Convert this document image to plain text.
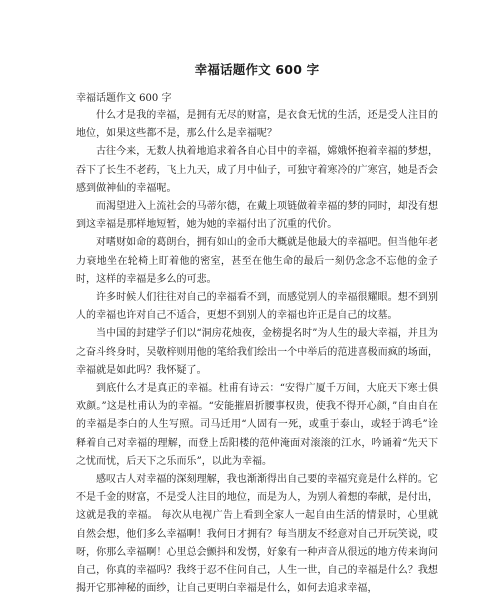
幸福话题作文 600 字

幸福话题作文 600 字

什么才是我的幸福，是拥有无尽的财富，是衣食无忧的生活，还是受人注目的地位，如果这些都不是，那么什么是幸福呢？

古往今来，无数人执着地追求着各自心目中的幸福，嫦娥怀抱着幸福的梦想，吞下了长生不老药，飞上九天，成了月中仙子，可独守着寒冷的广寒宫，她是否会感到做神仙的幸福呢。

而渴望进入上流社会的马蒂尔德，在戴上项链做着幸福的梦的同时，却没有想到这幸福是那样地短暂，她为她的幸福付出了沉重的代价。

对嗜财如命的葛朗台，拥有如山的金币大概就是他最大的幸福吧。但当他年老力衰地坐在轮椅上盯着他的密室，甚至在他生命的最后一刻仍念念不忘他的金子时，这样的幸福是多么的可悲。

许多时候人们往往对自己的幸福看不到，而感觉别人的幸福很耀眼。想不到别人的幸福也许对自己不适合，更想不到别人的幸福也许正是自己的坟墓。

当中国的封建学子们以“洞房花烛夜，金榜提名时”为人生的最大幸福，并且为之奋斗终身时，吴敬梓则用他的笔给我们绘出一个中举后的范进喜极而疯的场面，幸福就是如此吗？我怀疑了。

到底什么才是真正的幸福。杜甫有诗云：“安得广厦千万间，大庇天下寒士俱欢颜。”这是杜甫认为的幸福。“安能摧眉折腰事权贵，使我不得开心颜，”自由自在的幸福是李白的人生写照。司马迁用“人固有一死，或重于泰山，或轻于鸿毛”诠释着自己对幸福的理解，而登上岳阳楼的范仲淹面对滚滚的江水，吟诵着“先天下之忧而忧，后天下之乐而乐”，以此为幸福。

感叹古人对幸福的深刻理解，我也渐渐得出自己要的幸福究竟是什么样的。它不是千金的财富，不是受人注目的地位，而是为人，为别人着想的奉献，是付出，这就是我的幸福。 每次从电视广告上看到全家人一起自由生活的情景时，心里就自然会想，他们多么幸福啊！我何日才拥有？每当朋友不经意对自己开玩笑说，哎呀，你那么幸福啊！心里总会颤抖和发愣，好象有一种声音从很远的地方传来询问自己，你真的幸福吗？我终于忍不住问自己，人生一世，自己的幸福是什么？我想揭开它那神秘的面纱，让自己更明白幸福是什么，如何去追求幸福，
